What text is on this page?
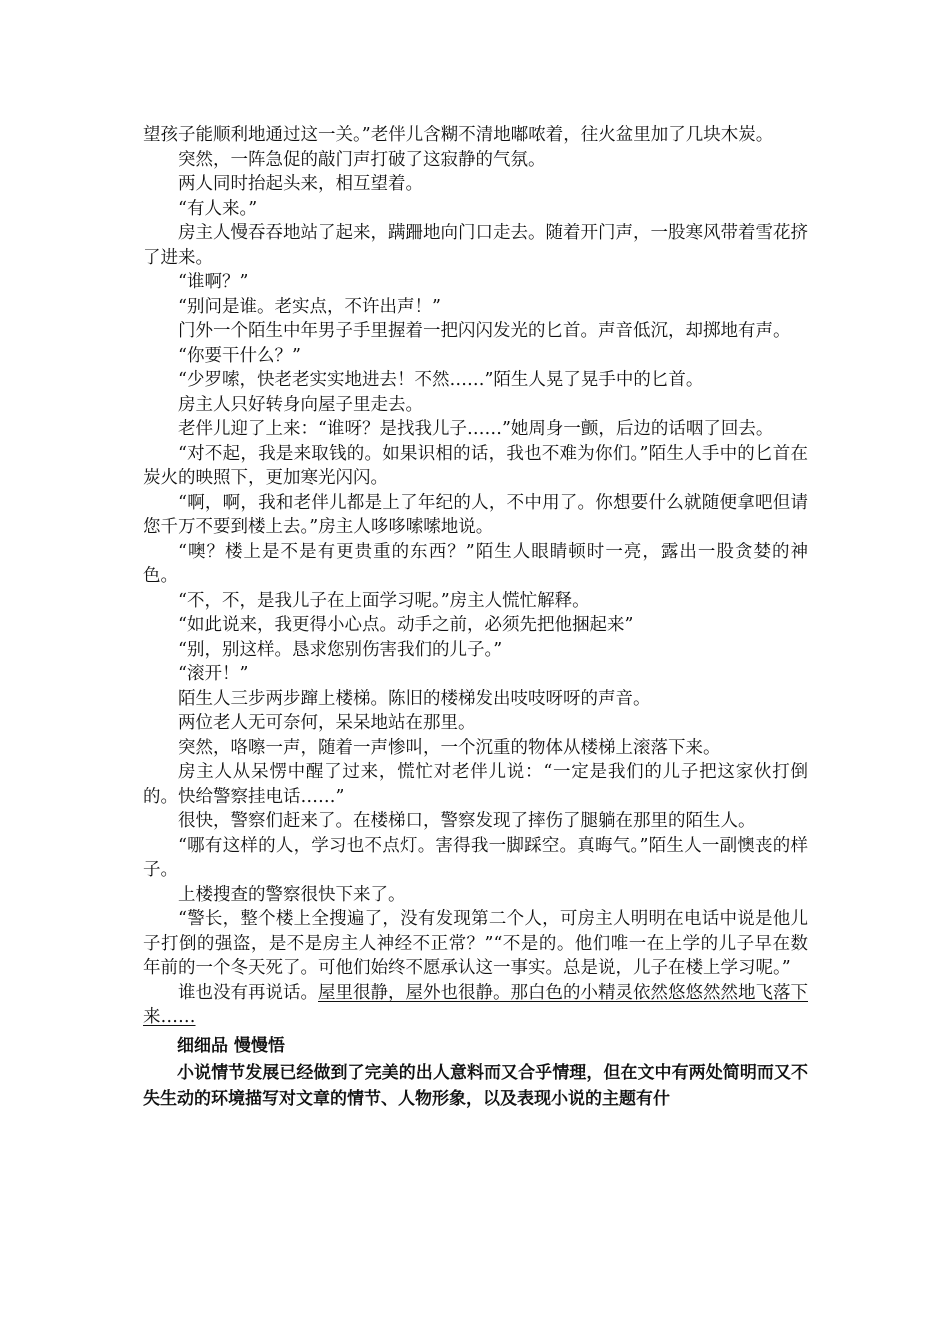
望孩子能顺利地通过这一关。”老伴儿含糊不清地嘟哝着，往火盆里加了几块木炭。

突然，一阵急促的敲门声打破了这寂静的气氛。

两人同时抬起头来，相互望着。

“有人来。”

房主人慢吞吞地站了起来，蹒跚地向门口走去。随着开门声，一股寒风带着雪花挤了进来。

“谁啊？”

“别问是谁。老实点，不许出声！”

门外一个陌生中年男子手里握着一把闪闪发光的匕首。声音低沉，却掷地有声。

“你要干什么？”

“少罗嗦，快老老实实地进去！不然……”陌生人晃了晃手中的匕首。

房主人只好转身向屋子里走去。

老伴儿迎了上来：“谁呀？是找我儿子……”她周身一颤，后边的话咽了回去。

“对不起，我是来取钱的。如果识相的话，我也不难为你们。”陌生人手中的匕首在炭火的映照下，更加寒光闪闪。

“啊，啊，我和老伴儿都是上了年纪的人，不中用了。你想要什么就随便拿吧但请您千万不要到楼上去。”房主人哆哆嗦嗦地说。

“噢？楼上是不是有更贵重的东西？”陌生人眼睛顿时一亮，露出一股贪婪的神色。

“不，不，是我儿子在上面学习呢。”房主人慌忙解释。

“如此说来，我更得小心点。动手之前，必须先把他捆起来”

“别，别这样。恳求您别伤害我们的儿子。”

“滚开！”

陌生人三步两步蹿上楼梯。陈旧的楼梯发出吱吱呀呀的声音。

两位老人无可奈何，呆呆地站在那里。

突然，咯嚓一声，随着一声惨叫，一个沉重的物体从楼梯上滚落下来。

房主人从呆愣中醒了过来，慌忙对老伴儿说：“一定是我们的儿子把这家伙打倒的。快给警察挂电话……”

很快，警察们赶来了。在楼梯口，警察发现了摔伤了腿躺在那里的陌生人。

“哪有这样的人，学习也不点灯。害得我一脚踩空。真晦气。”陌生人一副懊丧的样子。

上楼搜查的警察很快下来了。

“警长，整个楼上全搜遍了，没有发现第二个人，可房主人明明在电话中说是他儿子打倒的强盗，是不是房主人神经不正常？”“不是的。他们唯一在上学的儿子早在数年前的一个冬天死了。可他们始终不愿承认这一事实。总是说，儿子在楼上学习呢。”

谁也没有再说话。屋里很静，屋外也很静。那白色的小精灵依然悠悠然然地飞落下来……

细细品 慢慢悟

小说情节发展已经做到了完美的出人意料而又合乎情理，但在文中有两处简明而又不失生动的环境描写对文章的情节、人物形象，以及表现小说的主题有什
